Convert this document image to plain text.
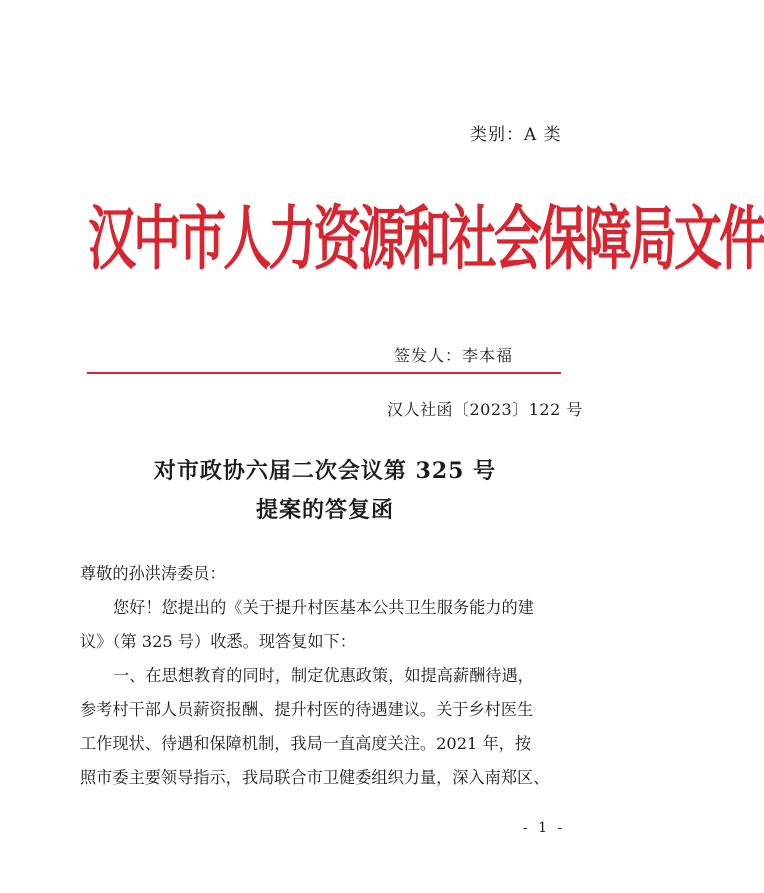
类别：A 类
汉中市人力资源和社会保障局文件
签发人：李本福
汉人社函〔2023〕122 号
对市政协六届二次会议第 325 号
提案的答复函
尊敬的孙洪涛委员：
您好！您提出的《关于提升村医基本公共卫生服务能力的建
议》（第 325 号）收悉。现答复如下：
一、在思想教育的同时，制定优惠政策，如提高薪酬待遇，
参考村干部人员薪资报酬、提升村医的待遇建议。关于乡村医生
工作现状、待遇和保障机制，我局一直高度关注。2021 年，按
照市委主要领导指示，我局联合市卫健委组织力量，深入南郑区、
- 1 -
